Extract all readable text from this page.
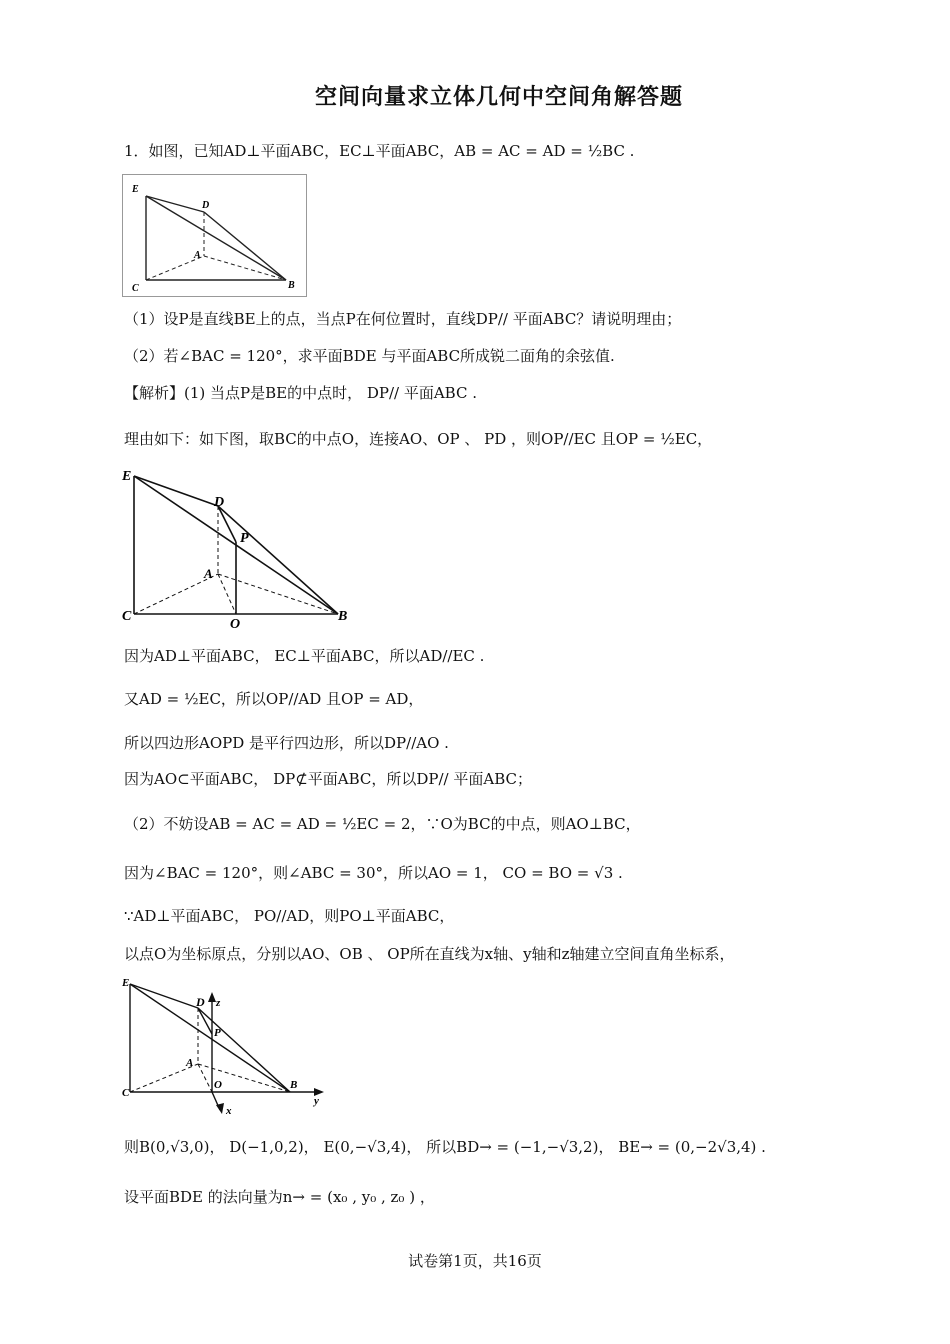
空间向量求立体几何中空间角解答题
1．如图，已知AD⊥平面ABC，EC⊥平面ABC，AB = AC = AD = ½BC .
E
D
A
C	B
（1）设P是直线BE上的点，当点P在何位置时，直线DP// 平面ABC？请说明理由；
（2）若∠BAC = 120°，求平面BDE 与平面ABC所成锐二面角的余弦值.
【解析】(1) 当点P是BE的中点时， DP// 平面ABC .
理由如下：如下图，取BC的中点O，连接AO、OP 、 PD ，则OP//EC 且OP = ½EC，
E
D
P
A
C
O
B
因为AD⊥平面ABC， EC⊥平面ABC，所以AD//EC .
又AD = ½EC，所以OP//AD 且OP = AD，
所以四边形AOPD 是平行四边形，所以DP//AO .
因为AO⊂平面ABC， DP⊄平面ABC，所以DP// 平面ABC；
（2）不妨设AB = AC = AD = ½EC = 2，∵O为BC的中点，则AO⊥BC，
因为∠BAC = 120°，则∠ABC = 30°，所以AO = 1， CO = BO = √3 .
∵AD⊥平面ABC， PO//AD，则PO⊥平面ABC，
以点O为坐标原点，分别以AO、OB 、 OP所在直线为x轴、y轴和z轴建立空间直角坐标系，
E
D z
P
A
C
O	B
y
x
则B(0,√3,0)， D(−1,0,2)， E(0,−√3,4)， 所以BD→ = (−1,−√3,2)， BE→ = (0,−2√3,4) .
设平面BDE 的法向量为n→ = (x₀ , y₀ , z₀ ) ，
试卷第1页，共16页
